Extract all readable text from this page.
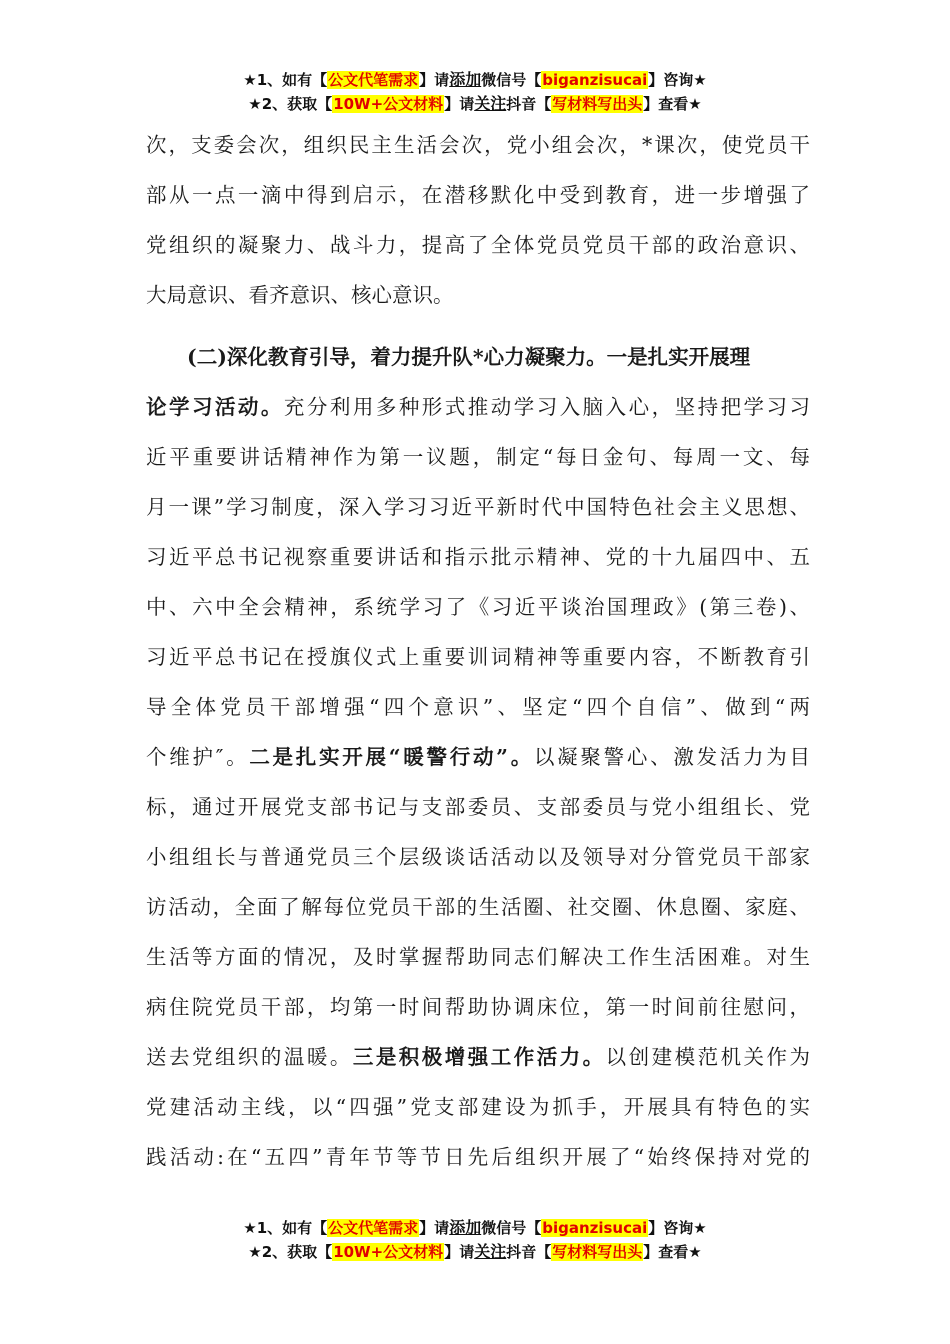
★1、如有【公文代笔需求】请添加微信号【biganzisucai】咨询★
★2、获取【10W+公文材料】请关注抖音【写材料写出头】查看★
次，支委会次，组织民主生活会次，党小组会次，*课次，使党员干
部从一点一滴中得到启示，在潜移默化中受到教育，进一步增强了
党组织的凝聚力、战斗力，提高了全体党员党员干部的政治意识、
大局意识、看齐意识、核心意识。
(二)深化教育引导，着力提升队*心力凝聚力。一是扎实开展理
论学习活动。充分利用多种形式推动学习入脑入心，坚持把学习习
近平重要讲话精神作为第一议题，制定“每日金句、每周一文、每
月一课”学习制度，深入学习习近平新时代中国特色社会主义思想、
习近平总书记视察重要讲话和指示批示精神、党的十九届四中、五
中、六中全会精神，系统学习了《习近平谈治国理政》(第三卷)、
习近平总书记在授旗仪式上重要训词精神等重要内容，不断教育引
导全体党员干部增强“四个意识”、坚定“四个自信”、做到“两
个维护″。二是扎实开展“暖警行动”。以凝聚警心、激发活力为目
标，通过开展党支部书记与支部委员、支部委员与党小组组长、党
小组组长与普通党员三个层级谈话活动以及领导对分管党员干部家
访活动，全面了解每位党员干部的生活圈、社交圈、休息圈、家庭、
生活等方面的情况，及时掌握帮助同志们解决工作生活困难。对生
病住院党员干部，均第一时间帮助协调床位，第一时间前往慰问，
送去党组织的温暖。三是积极增强工作活力。以创建模范机关作为
党建活动主线，以“四强”党支部建设为抓手，开展具有特色的实
践活动:在“五四”青年节等节日先后组织开展了“始终保持对党的
★1、如有【公文代笔需求】请添加微信号【biganzisucai】咨询★
★2、获取【10W+公文材料】请关注抖音【写材料写出头】查看★
